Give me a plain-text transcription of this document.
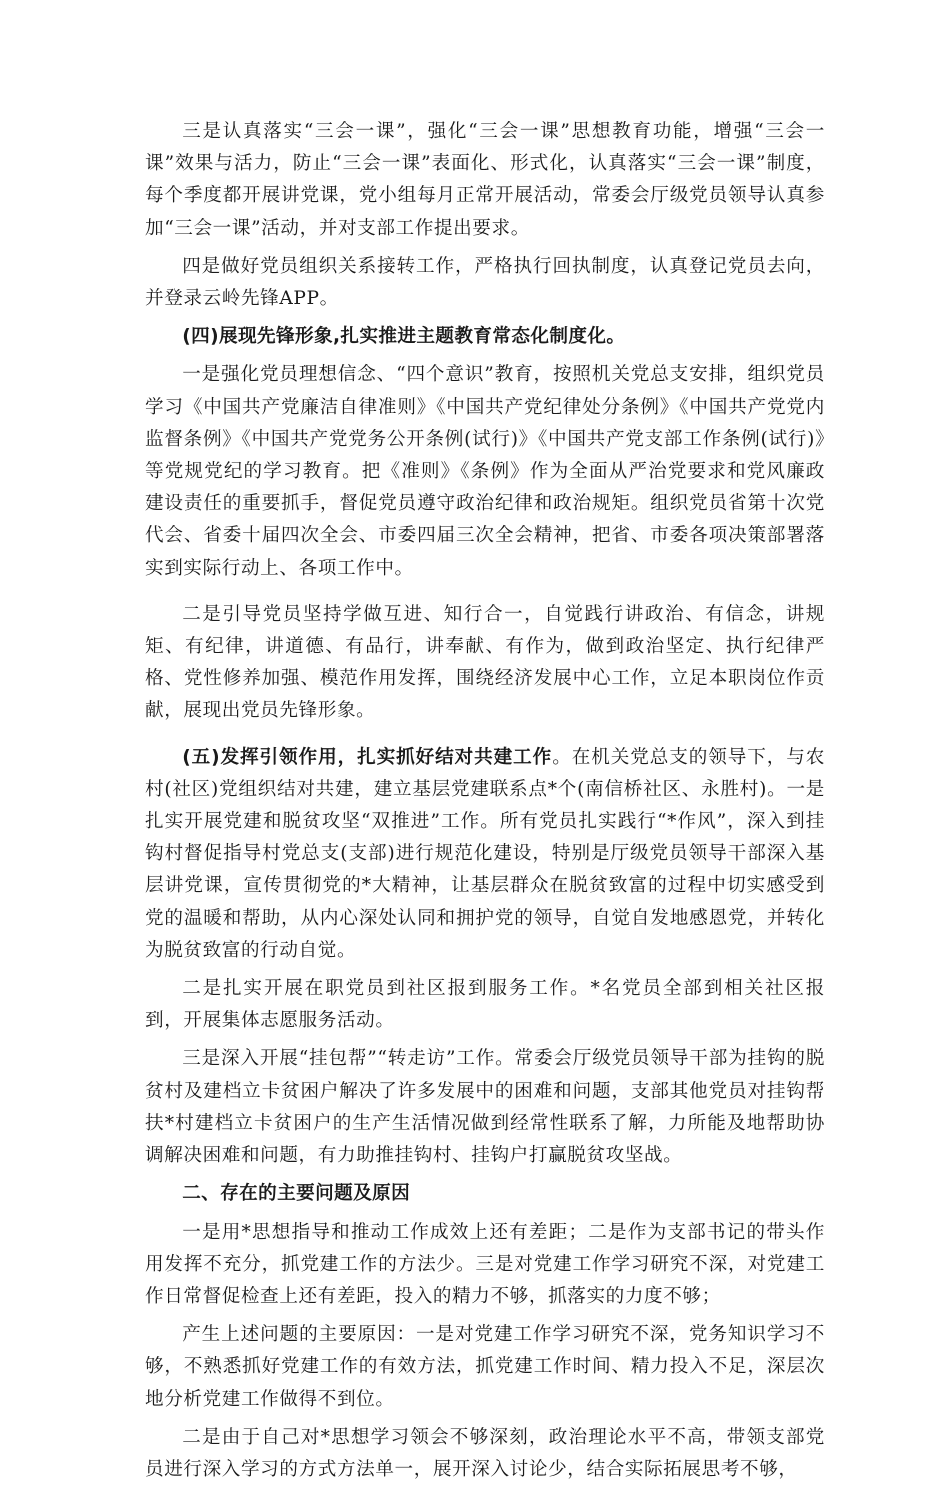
三是认真落实“三会一课”，强化“三会一课”思想教育功能，增强“三会一课”效果与活力，防止“三会一课”表面化、形式化，认真落实“三会一课”制度，每个季度都开展讲党课，党小组每月正常开展活动，常委会厅级党员领导认真参加“三会一课”活动，并对支部工作提出要求。

四是做好党员组织关系接转工作，严格执行回执制度，认真登记党员去向，并登录云岭先锋APP。

(四)展现先锋形象,扎实推进主题教育常态化制度化。

一是强化党员理想信念、“四个意识”教育，按照机关党总支安排，组织党员学习《中国共产党廉洁自律准则》《中国共产党纪律处分条例》《中国共产党党内监督条例》《中国共产党党务公开条例(试行)》《中国共产党支部工作条例(试行)》等党规党纪的学习教育。把《准则》《条例》作为全面从严治党要求和党风廉政建设责任的重要抓手，督促党员遵守政治纪律和政治规矩。组织党员省第十次党代会、省委十届四次全会、市委四届三次全会精神，把省、市委各项决策部署落实到实际行动上、各项工作中。

二是引导党员坚持学做互进、知行合一，自觉践行讲政治、有信念，讲规矩、有纪律，讲道德、有品行，讲奉献、有作为，做到政治坚定、执行纪律严格、党性修养加强、模范作用发挥，围绕经济发展中心工作，立足本职岗位作贡献，展现出党员先锋形象。

(五)发挥引领作用，扎实抓好结对共建工作。在机关党总支的领导下，与农村(社区)党组织结对共建，建立基层党建联系点*个(南信桥社区、永胜村)。一是扎实开展党建和脱贫攻坚“双推进”工作。所有党员扎实践行“*作风”，深入到挂钩村督促指导村党总支(支部)进行规范化建设，特别是厅级党员领导干部深入基层讲党课，宣传贯彻党的*大精神，让基层群众在脱贫致富的过程中切实感受到党的温暖和帮助，从内心深处认同和拥护党的领导，自觉自发地感恩党，并转化为脱贫致富的行动自觉。

二是扎实开展在职党员到社区报到服务工作。*名党员全部到相关社区报到，开展集体志愿服务活动。

三是深入开展“挂包帮”“转走访”工作。常委会厅级党员领导干部为挂钩的脱贫村及建档立卡贫困户解决了许多发展中的困难和问题，支部其他党员对挂钩帮扶*村建档立卡贫困户的生产生活情况做到经常性联系了解，力所能及地帮助协调解决困难和问题，有力助推挂钩村、挂钩户打赢脱贫攻坚战。

二、存在的主要问题及原因

一是用*思想指导和推动工作成效上还有差距；二是作为支部书记的带头作用发挥不充分，抓党建工作的方法少。三是对党建工作学习研究不深，对党建工作日常督促检查上还有差距，投入的精力不够，抓落实的力度不够；

产生上述问题的主要原因：一是对党建工作学习研究不深，党务知识学习不够，不熟悉抓好党建工作的有效方法，抓党建工作时间、精力投入不足，深层次地分析党建工作做得不到位。

二是由于自己对*思想学习领会不够深刻，政治理论水平不高，带领支部党员进行深入学习的方式方法单一，展开深入讨论少，结合实际拓展思考不够，
